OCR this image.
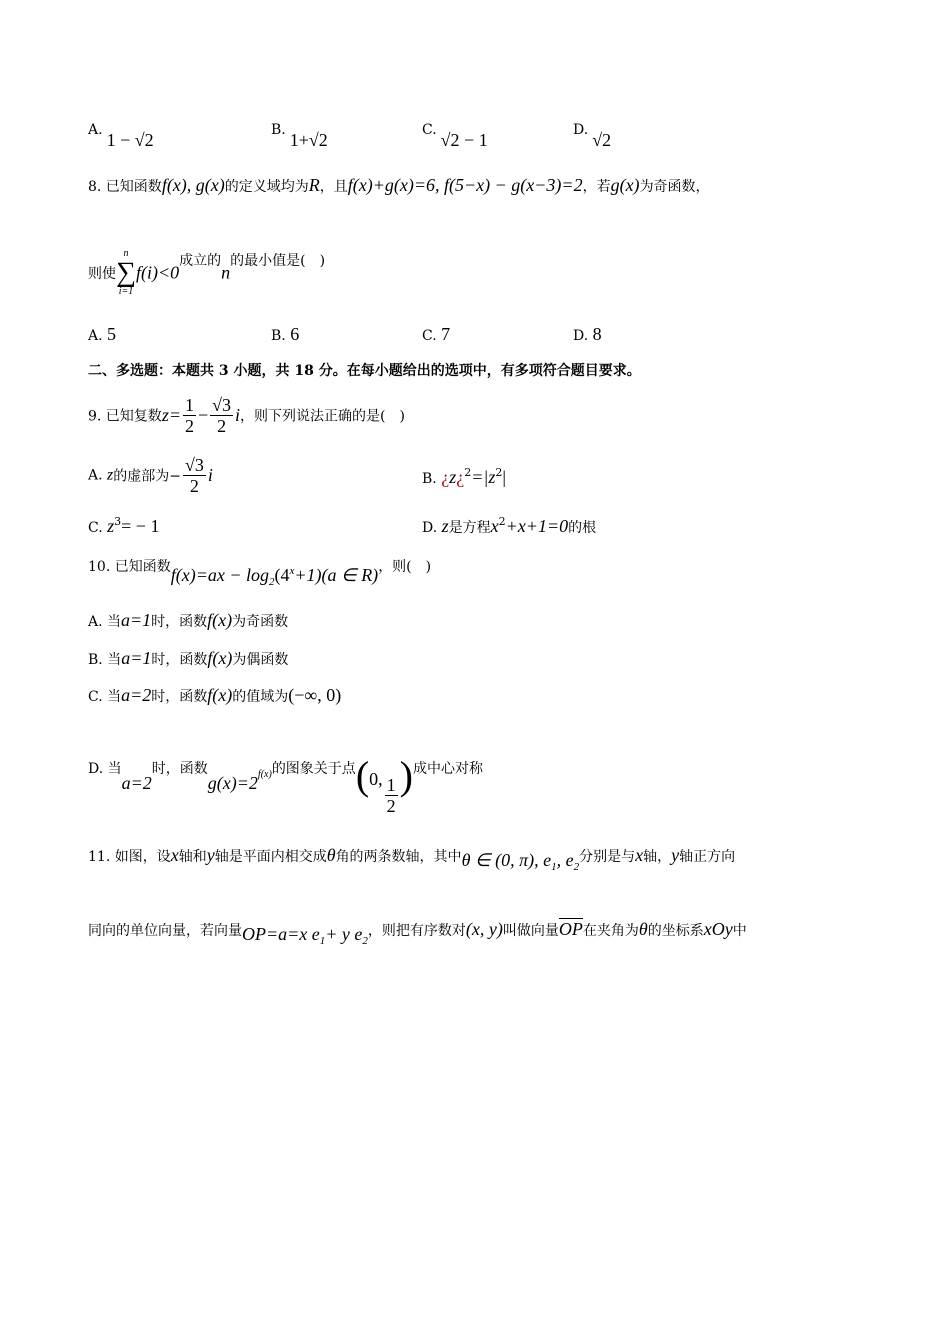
A. 1 − √2	B. 1+√2	C. √2 − 1	D. √2
8. 已知函数f(x), g(x)的定义域均为R，且f(x)+g(x)=6, f(5−x) − g(x−3)=2，若g(x)为奇函数，
则使
n
∑
i=1
f(i)<0成立的n的最小值是(　)
A. 5	B. 6	C. 7	D. 8
二、多选题：本题共 3 小题，共 18 分。在每小题给出的选项中，有多项符合题目要求。
9. 已知复数$z= \frac{1}{2} - \frac{√3}{2}$ i，则下列说法正确的是(　)
A. z的虚部为− $\frac{√3}{2}$ i	B. ¿$z¿^2=|z^2|$
C. $z^3= - 1$	D. z是方程$x^2+x+1=0$的根
10. 已知函数$f(x)=ax - \log_2(4_x+1)(a$ ∈ R)，则(　)
A. 当a=1时，函数f(x)为奇函数
B. 当a=1时，函数f(x)为偶函数
C. 当a=2时，函数f(x)的值域为(−∞, 0)
D. 当a=2时，函数$g(x)=2^{f(x)}$的图象关于点(0, $\frac{1}{2}$ )成中心对称
11. 如图，设x轴和y轴是平面内相交成θ角的两条数轴，其中θ ∈ (0, π), $e_1$, $e_2$分别是与x轴，y轴正方向
同向的单位向量，若向量OP=a=x $e_1+ y$ $e_2$，则把有序数对(x, y)叫做向量OP在夹角为θ的坐标系xOy中
